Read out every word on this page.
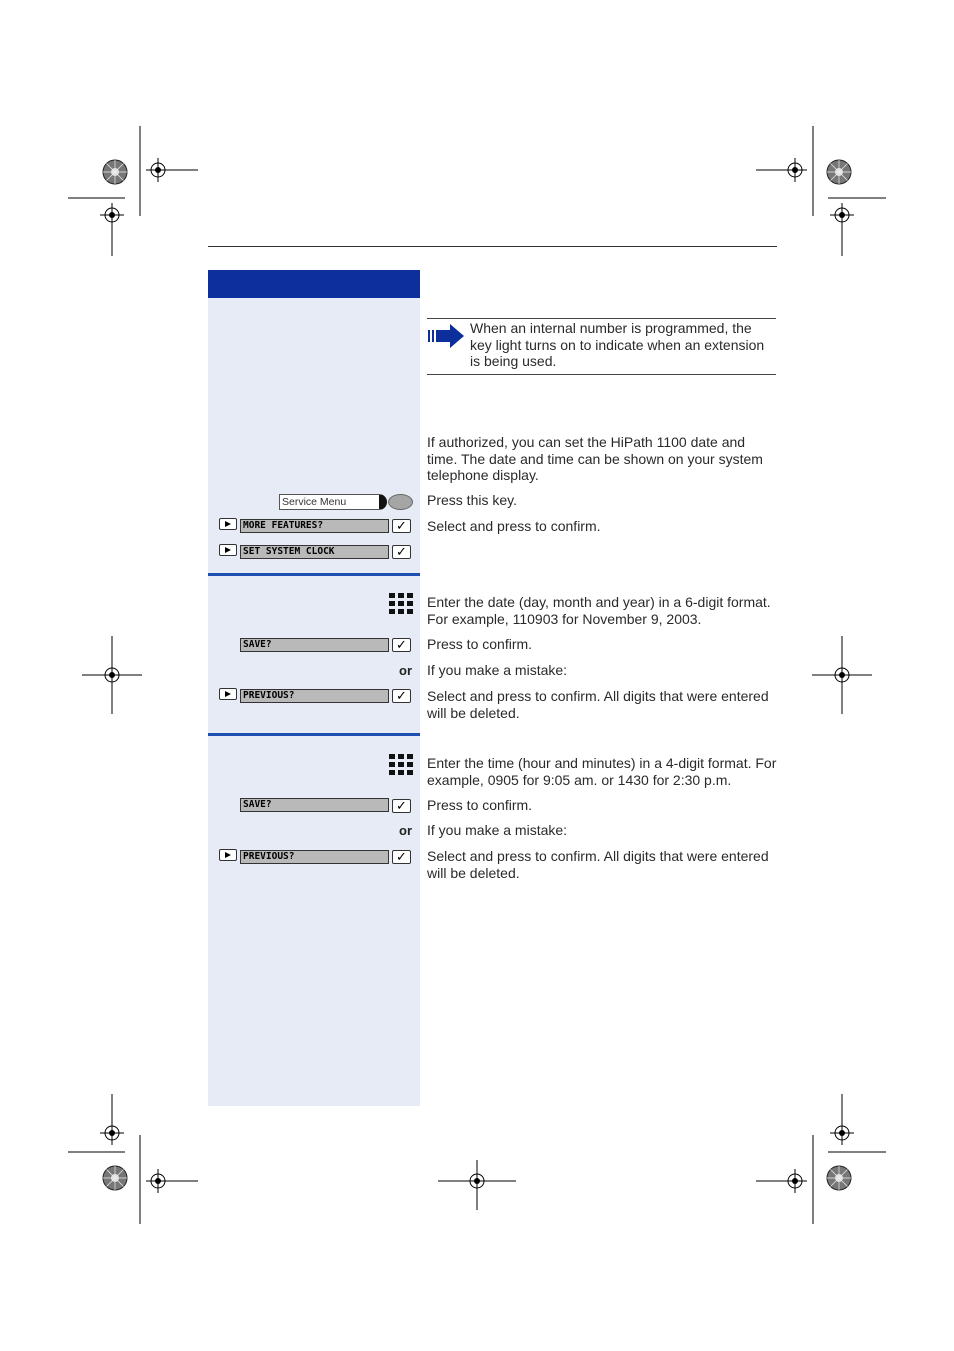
When an internal number is programmed, the key light turns on to indicate when an extension is being used.
If authorized, you can set the HiPath 1100 date and time. The date and time can be shown on your system telephone display.
Service Menu	Press this key.
MORE FEATURES?	✓ Select and press to confirm.
SET SYSTEM CLOCK	✓
Enter the date (day, month and year) in a 6-digit format. For example, 110903 for November 9, 2003.
SAVE?	✓ Press to confirm.
or If you make a mistake:
PREVIOUS?	✓ Select and press to confirm. All digits that were entered will be deleted.
Enter the time (hour and minutes) in a 4-digit format. For example, 0905 for 9:05 am. or 1430 for 2:30 p.m.
SAVE?	✓ Press to confirm.
or If you make a mistake:
PREVIOUS?	✓ Select and press to confirm. All digits that were entered will be deleted.
